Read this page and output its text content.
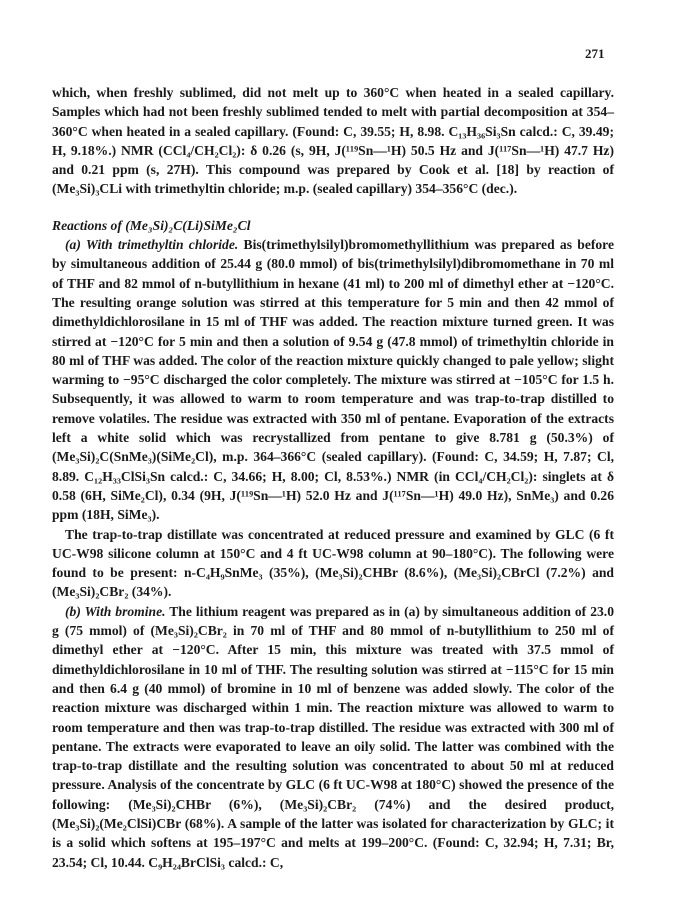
271

which, when freshly sublimed, did not melt up to 360°C when heated in a sealed capillary. Samples which had not been freshly sublimed tended to melt with partial decomposition at 354–360°C when heated in a sealed capillary. (Found: C, 39.55; H, 8.98. C₁₃H₃₆Si₃Sn calcd.: C, 39.49; H, 9.18%.) NMR (CCl₄/CH₂Cl₂): δ 0.26 (s, 9H, J(¹¹⁹Sn—¹H) 50.5 Hz and J(¹¹⁷Sn—¹H) 47.7 Hz) and 0.21 ppm (s, 27H). This compound was prepared by Cook et al. [18] by reaction of (Me₃Si)₃CLi with trimethyltin chloride; m.p. (sealed capillary) 354–356°C (dec.).

Reactions of (Me₃Si)₂C(Li)SiMe₂Cl

(a) With trimethyltin chloride. Bis(trimethylsilyl)bromomethyllithium was prepared as before by simultaneous addition of 25.44 g (80.0 mmol) of bis(trimethylsilyl)dibromomethane in 70 ml of THF and 82 mmol of n-butyllithium in hexane (41 ml) to 200 ml of dimethyl ether at −120°C. The resulting orange solution was stirred at this temperature for 5 min and then 42 mmol of dimethyldichlorosilane in 15 ml of THF was added. The reaction mixture turned green. It was stirred at −120°C for 5 min and then a solution of 9.54 g (47.8 mmol) of trimethyltin chloride in 80 ml of THF was added. The color of the reaction mixture quickly changed to pale yellow; slight warming to −95°C discharged the color completely. The mixture was stirred at −105°C for 1.5 h. Subsequently, it was allowed to warm to room temperature and was trap-to-trap distilled to remove volatiles. The residue was extracted with 350 ml of pentane. Evaporation of the extracts left a white solid which was recrystallized from pentane to give 8.781 g (50.3%) of (Me₃Si)₂C(SnMe₃)(SiMe₂Cl), m.p. 364–366°C (sealed capillary). (Found: C, 34.59; H, 7.87; Cl, 8.89. C₁₂H₃₃ClSi₃Sn calcd.: C, 34.66; H, 8.00; Cl, 8.53%.) NMR (in CCl₄/CH₂Cl₂): singlets at δ 0.58 (6H, SiMe₂Cl), 0.34 (9H, J(¹¹⁹Sn—¹H) 52.0 Hz and J(¹¹⁷Sn—¹H) 49.0 Hz), SnMe₃) and 0.26 ppm (18H, SiMe₃).

The trap-to-trap distillate was concentrated at reduced pressure and examined by GLC (6 ft UC-W98 silicone column at 150°C and 4 ft UC-W98 column at 90–180°C). The following were found to be present: n-C₄H₉SnMe₃ (35%), (Me₃Si)₂CHBr (8.6%), (Me₃Si)₂CBrCl (7.2%) and (Me₃Si)₂CBr₂ (34%).

(b) With bromine. The lithium reagent was prepared as in (a) by simultaneous addition of 23.0 g (75 mmol) of (Me₃Si)₂CBr₂ in 70 ml of THF and 80 mmol of n-butyllithium to 250 ml of dimethyl ether at −120°C. After 15 min, this mixture was treated with 37.5 mmol of dimethyldichlorosilane in 10 ml of THF. The resulting solution was stirred at −115°C for 15 min and then 6.4 g (40 mmol) of bromine in 10 ml of benzene was added slowly. The color of the reaction mixture was discharged within 1 min. The reaction mixture was allowed to warm to room temperature and then was trap-to-trap distilled. The residue was extracted with 300 ml of pentane. The extracts were evaporated to leave an oily solid. The latter was combined with the trap-to-trap distillate and the resulting solution was concentrated to about 50 ml at reduced pressure. Analysis of the concentrate by GLC (6 ft UC-W98 at 180°C) showed the presence of the following: (Me₃Si)₂CHBr (6%), (Me₃Si)₂CBr₂ (74%) and the desired product, (Me₃Si)₂(Me₂ClSi)CBr (68%). A sample of the latter was isolated for characterization by GLC; it is a solid which softens at 195–197°C and melts at 199–200°C. (Found: C, 32.94; H, 7.31; Br, 23.54; Cl, 10.44. C₉H₂₄BrClSi₃ calcd.: C,
